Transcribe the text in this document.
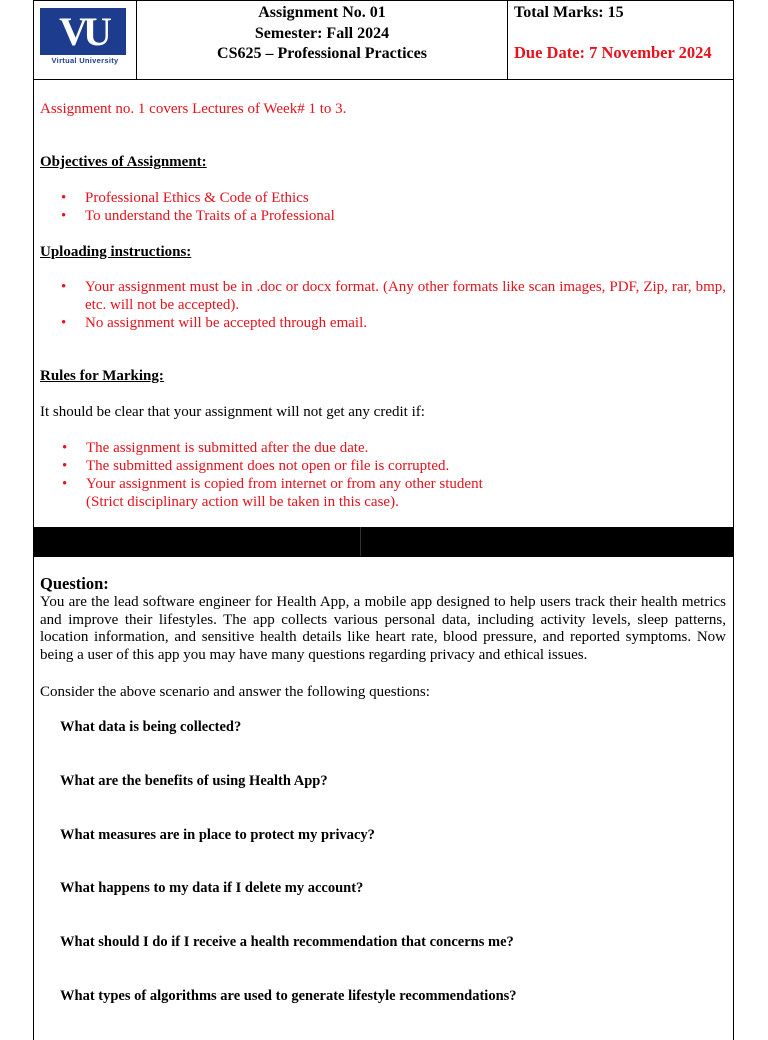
VU
Virtual University
Assignment No. 01
Semester: Fall 2024
CS625 – Professional Practices
Total Marks: 15
Due Date: 7 November 2024
Assignment no. 1 covers Lectures of Week# 1 to 3.
Objectives of Assignment:
• Professional Ethics & Code of Ethics
• To understand the Traits of a Professional
Uploading instructions:
• Your assignment must be in .doc or docx format. (Any other formats like scan images, PDF, Zip, rar, bmp, etc. will not be accepted).
• No assignment will be accepted through email.
Rules for Marking:
It should be clear that your assignment will not get any credit if:
• The assignment is submitted after the due date.
• The submitted assignment does not open or file is corrupted.
• Your assignment is copied from internet or from any other student
(Strict disciplinary action will be taken in this case).
Question:
You are the lead software engineer for Health App, a mobile app designed to help users track their health metrics and improve their lifestyles. The app collects various personal data, including activity levels, sleep patterns, location information, and sensitive health details like heart rate, blood pressure, and reported symptoms. Now being a user of this app you may have many questions regarding privacy and ethical issues.
Consider the above scenario and answer the following questions:
What data is being collected?
What are the benefits of using Health App?
What measures are in place to protect my privacy?
What happens to my data if I delete my account?
What should I do if I receive a health recommendation that concerns me?
What types of algorithms are used to generate lifestyle recommendations?
